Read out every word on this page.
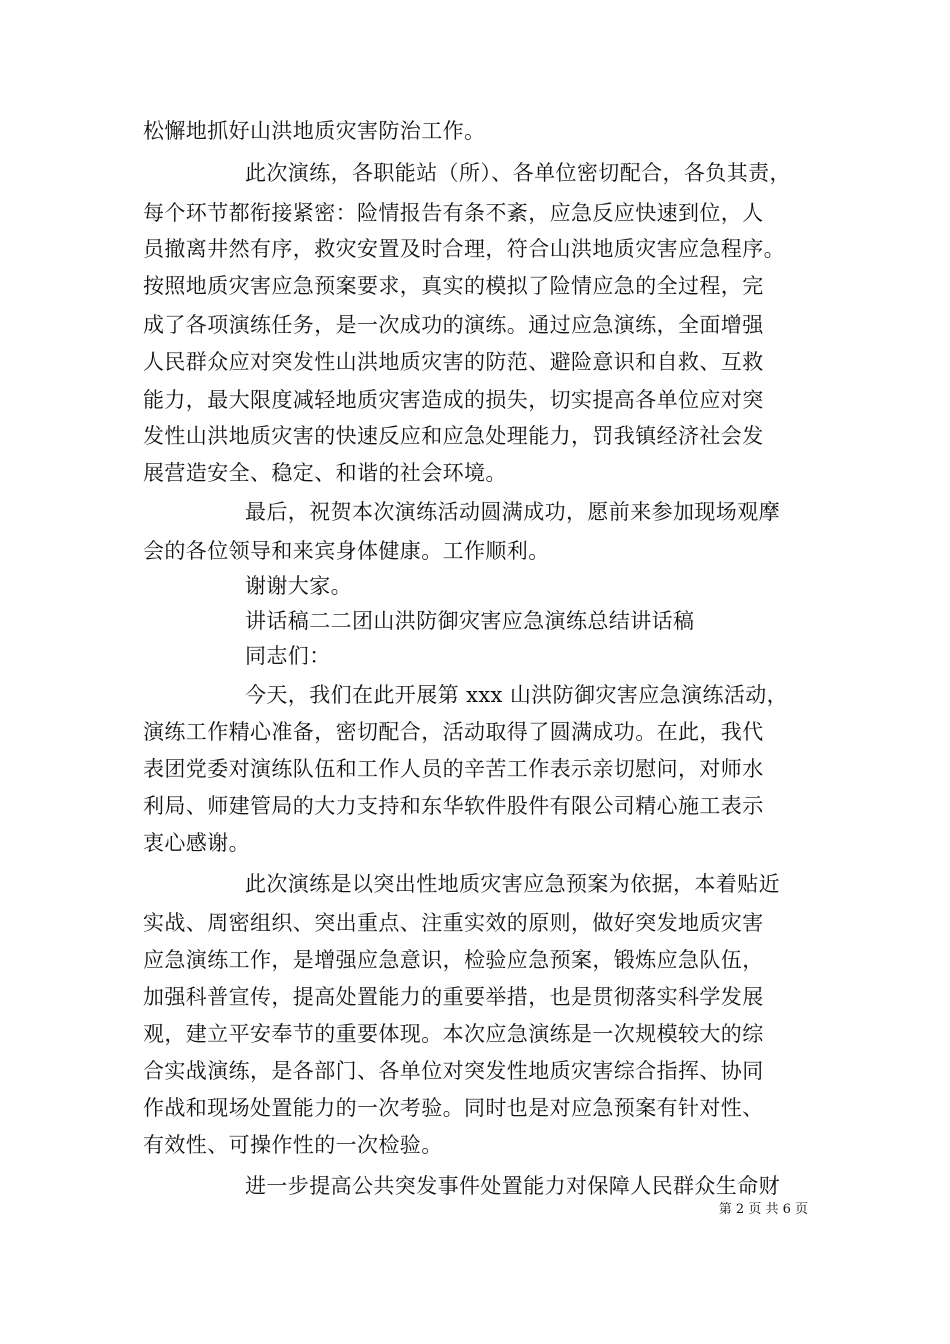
松懈地抓好山洪地质灾害防治工作。
此次演练，各职能站（所）、各单位密切配合，各负其责，
每个环节都衔接紧密：险情报告有条不紊，应急反应快速到位，人
员撤离井然有序，救灾安置及时合理，符合山洪地质灾害应急程序。
按照地质灾害应急预案要求，真实的模拟了险情应急的全过程，完
成了各项演练任务，是一次成功的演练。通过应急演练，全面增强
人民群众应对突发性山洪地质灾害的防范、避险意识和自救、互救
能力，最大限度减轻地质灾害造成的损失，切实提高各单位应对突
发性山洪地质灾害的快速反应和应急处理能力，罚我镇经济社会发
展营造安全、稳定、和谐的社会环境。
最后，祝贺本次演练活动圆满成功，愿前来参加现场观摩
会的各位领导和来宾身体健康。工作顺利。
谢谢大家。
讲话稿二二团山洪防御灾害应急演练总结讲话稿
同志们：
今天，我们在此开展第 xxx 山洪防御灾害应急演练活动，
演练工作精心准备，密切配合，活动取得了圆满成功。在此，我代
表团党委对演练队伍和工作人员的辛苦工作表示亲切慰问，对师水
利局、师建管局的大力支持和东华软件股件有限公司精心施工表示
衷心感谢。
此次演练是以突出性地质灾害应急预案为依据，本着贴近
实战、周密组织、突出重点、注重实效的原则，做好突发地质灾害
应急演练工作，是增强应急意识，检验应急预案，锻炼应急队伍，
加强科普宣传，提高处置能力的重要举措，也是贯彻落实科学发展
观，建立平安奉节的重要体现。本次应急演练是一次规模较大的综
合实战演练，是各部门、各单位对突发性地质灾害综合指挥、协同
作战和现场处置能力的一次考验。同时也是对应急预案有针对性、
有效性、可操作性的一次检验。
进一步提高公共突发事件处置能力对保障人民群众生命财
第 2 页 共 6 页
